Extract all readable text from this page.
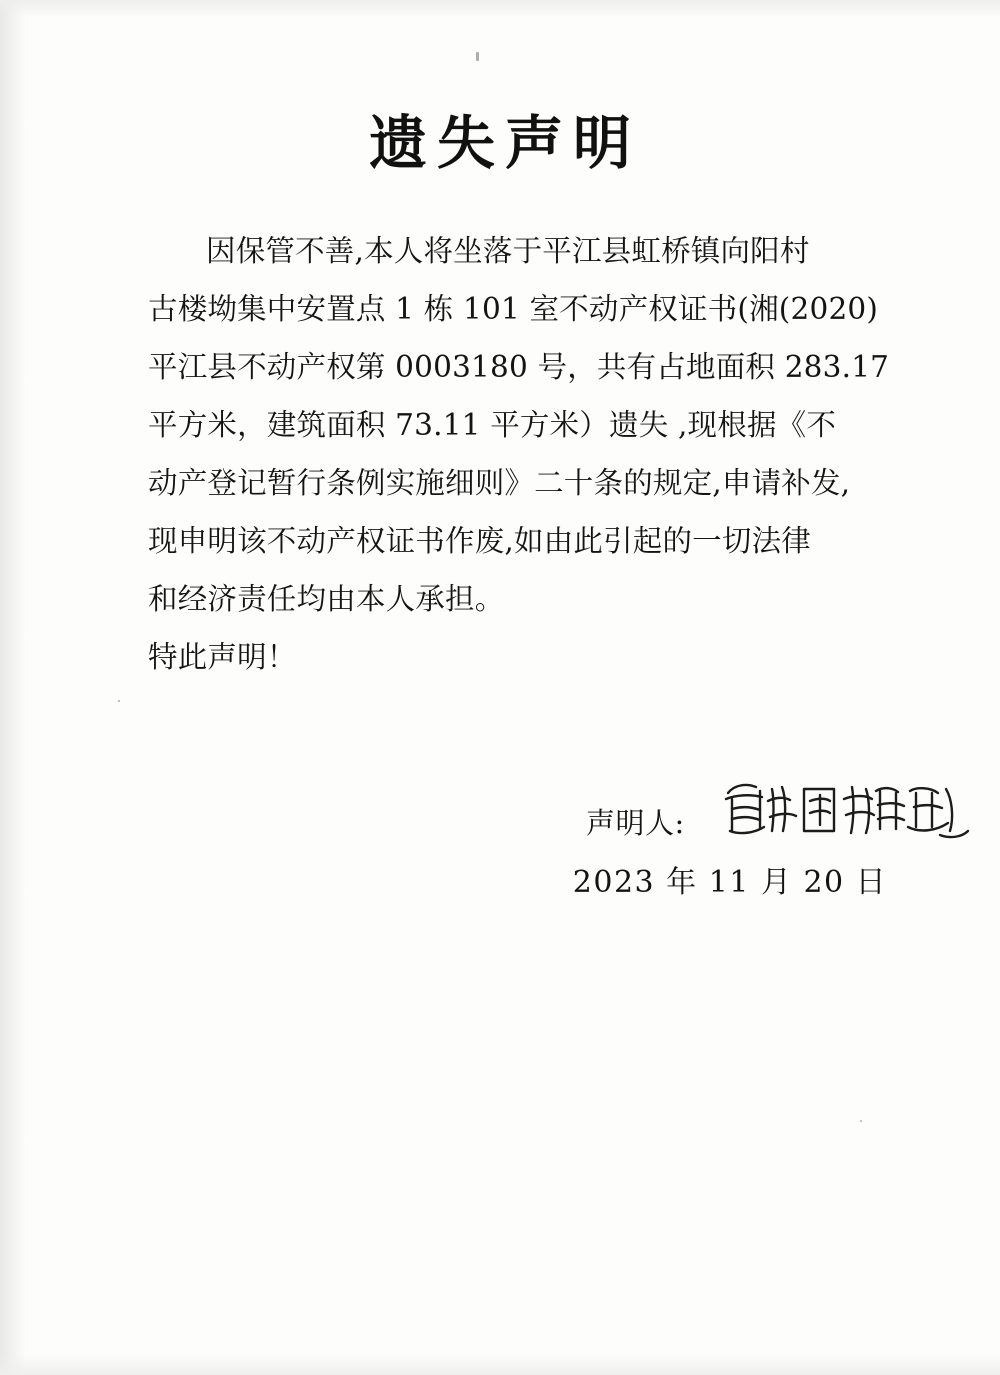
遗失声明
因保管不善,本人将坐落于平江县虹桥镇向阳村
古楼坳集中安置点 1 栋 101 室不动产权证书(湘(2020)
平江县不动产权第 0003180 号，共有占地面积 283.17
平方米，建筑面积 73.11 平方米）遗失 ,现根据《不
动产登记暂行条例实施细则》二十条的规定,申请补发,
现申明该不动产权证书作废,如由此引起的一切法律
和经济责任均由本人承担。
特此声明！
声明人:
2023 年 11 月 20 日
